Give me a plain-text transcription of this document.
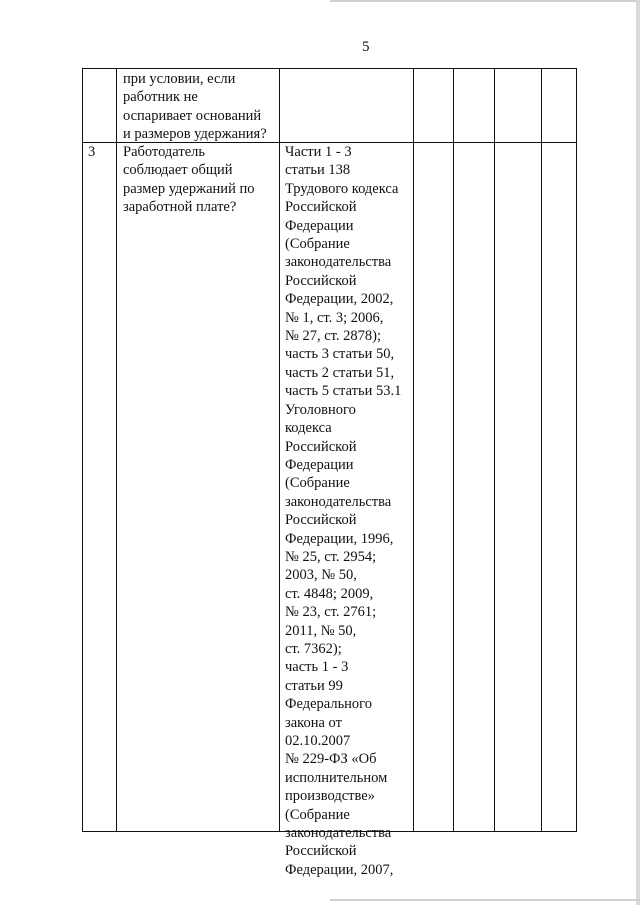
5
при условии, если
работник не
оспаривает оснований
и размеров удержания?
3 Работодатель
соблюдает общий
размер удержаний по
заработной плате?
Части 1 - 3
статьи 138
Трудового кодекса
Российской
Федерации
(Собрание
законодательства
Российской
Федерации, 2002,
№ 1, ст. 3; 2006,
№ 27, ст. 2878);
часть 3 статьи 50,
часть 2 статьи 51,
часть 5 статьи 53.1
Уголовного
кодекса
Российской
Федерации
(Собрание
законодательства
Российской
Федерации, 1996,
№ 25, ст. 2954;
2003, № 50,
ст. 4848; 2009,
№ 23, ст. 2761;
2011, № 50,
ст. 7362);
часть 1 - 3
статьи 99
Федерального
закона от
02.10.2007
№ 229-ФЗ «Об
исполнительном
производстве»
(Собрание
законодательства
Российской
Федерации, 2007,
